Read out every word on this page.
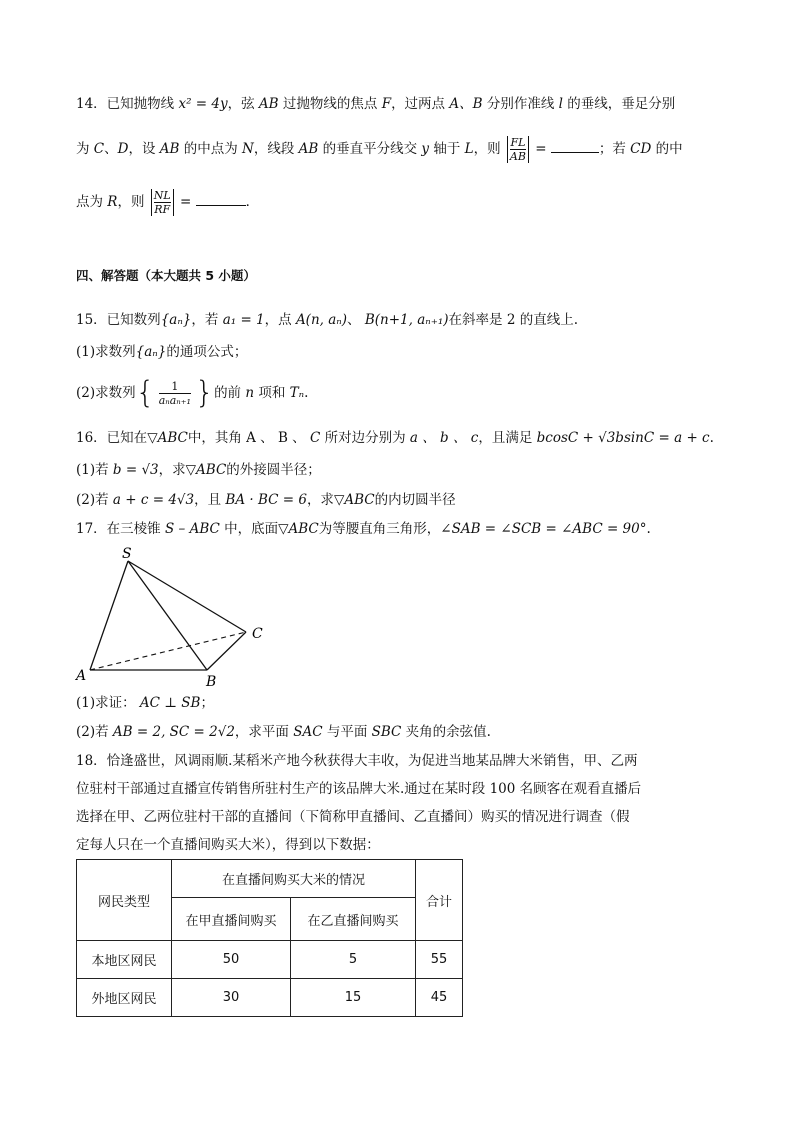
14．已知抛物线 x² = 4y，弦 AB 过抛物线的焦点 F，过两点 A、B 分别作准线 l 的垂线，垂足分别
为 C、D，设 AB 的中点为 N，线段 AB 的垂直平分线交 y 轴于 L，则 $\frac{FL}{AB}$ =	；若 CD 的中
点为 R，则 $\frac{NL}{RF}$ =	．
四、解答题（本大题共 5 小题）
15．已知数列{aₙ}，若 a₁ = 1，点 A(n, aₙ)、 B(n+1, aₙ₊₁)在斜率是 2 的直线上.
(1)求数列{aₙ}的通项公式；
(2)求数列{ $\frac{1}{\text{aₙaₙ₊₁}}$ }的前 n 项和 Tₙ.
16．已知在▽ABC中，其角 A 、 B 、 C 所对边分别为 a 、 b 、 c，且满足 bcosC + √3bsinC = a + c.
(1)若 b = √3，求▽ABC的外接圆半径；
(2)若 a + c = 4√3，且 BA · BC = 6，求▽ABC的内切圆半径
17．在三棱锥 S – ABC 中，底面▽ABC为等腰直角三角形，∠SAB = ∠SCB = ∠ABC = 90°.
S
A	B
C
(1)求证： AC ⊥ SB；
(2)若 AB = 2, SC = 2√2，求平面 SAC 与平面 SBC 夹角的余弦值.
18．恰逢盛世，风调雨顺.某稻米产地今秋获得大丰收，为促进当地某品牌大米销售，甲、乙两
位驻村干部通过直播宣传销售所驻村生产的该品牌大米.通过在某时段 100 名顾客在观看直播后
选择在甲、乙两位驻村干部的直播间（下简称甲直播间、乙直播间）购买的情况进行调查（假
定每人只在一个直播间购买大米），得到以下数据：
网民类型	在直播间购买大米的情况		合计
	在甲直播间购买	在乙直播间购买	
本地区网民	50	5	55
外地区网民	30	15	45
